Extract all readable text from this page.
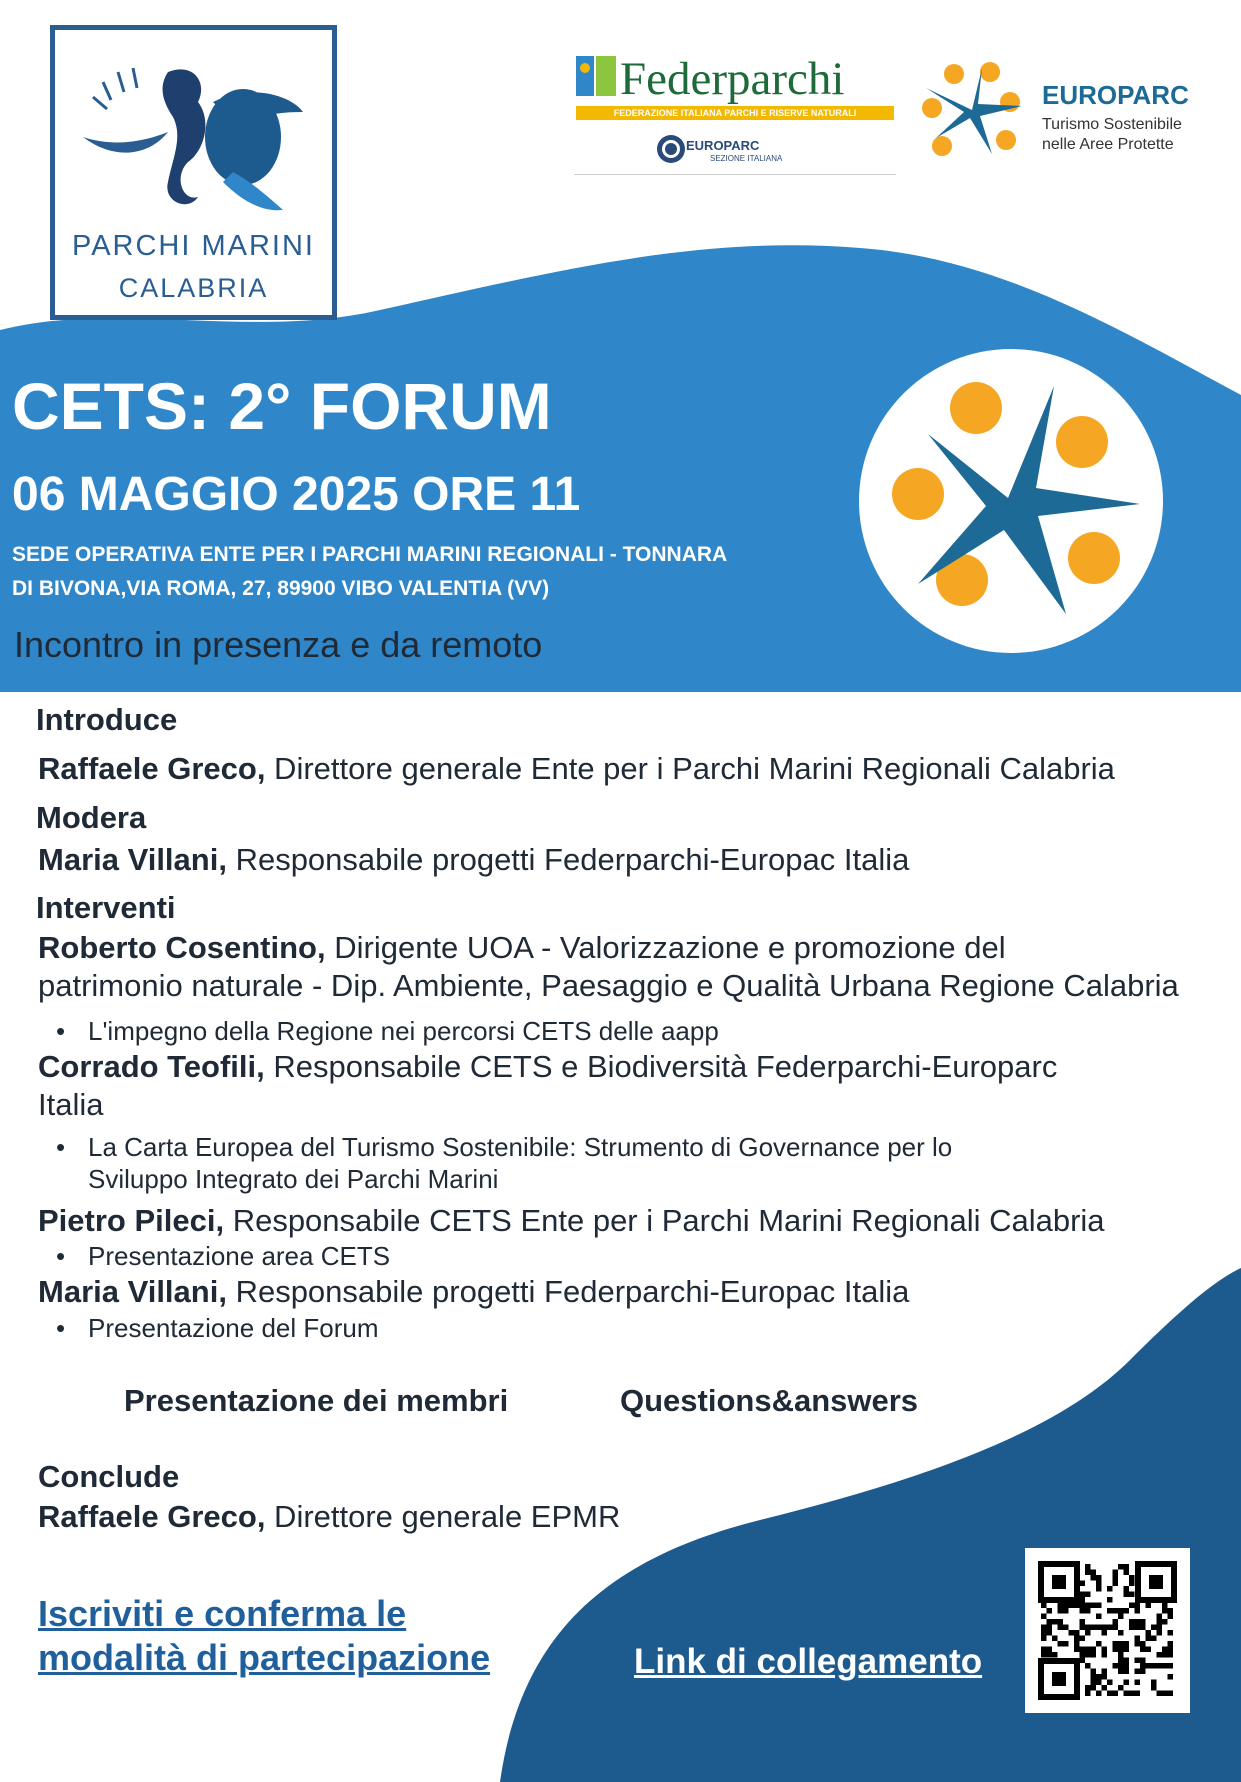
PARCHI MARINI
CALABRIA
Federparchi
FEDERAZIONE ITALIANA PARCHI E RISERVE NATURALI
EUROPARC
SEZIONE ITALIANA
EUROPARC
Turismo Sostenibile
nelle Aree Protette
CETS: 2° FORUM
06 MAGGIO 2025 ORE 11
SEDE OPERATIVA ENTE PER I PARCHI MARINI REGIONALI - TONNARA
DI BIVONA,VIA ROMA, 27, 89900 VIBO VALENTIA (VV)
Incontro in presenza e da remoto
Introduce
Raffaele Greco, Direttore generale Ente per i Parchi Marini Regionali Calabria
Modera
Maria Villani, Responsabile progetti Federparchi-Europac Italia
Interventi
Roberto Cosentino, Dirigente UOA - Valorizzazione e promozione del
patrimonio naturale - Dip. Ambiente, Paesaggio e Qualità Urbana Regione Calabria
• L'impegno della Regione nei percorsi CETS delle aapp
Corrado Teofili, Responsabile CETS e Biodiversità Federparchi-Europarc
Italia
• La Carta Europea del Turismo Sostenibile: Strumento di Governance per lo
Sviluppo Integrato dei Parchi Marini
Pietro Pileci, Responsabile CETS Ente per i Parchi Marini Regionali Calabria
• Presentazione area CETS
Maria Villani, Responsabile progetti Federparchi-Europac Italia
• Presentazione del Forum
Presentazione dei membri	Questions&answers
Conclude
Raffaele Greco, Direttore generale EPMR
Iscriviti e conferma le modalità di partecipazione	Link di collegamento
